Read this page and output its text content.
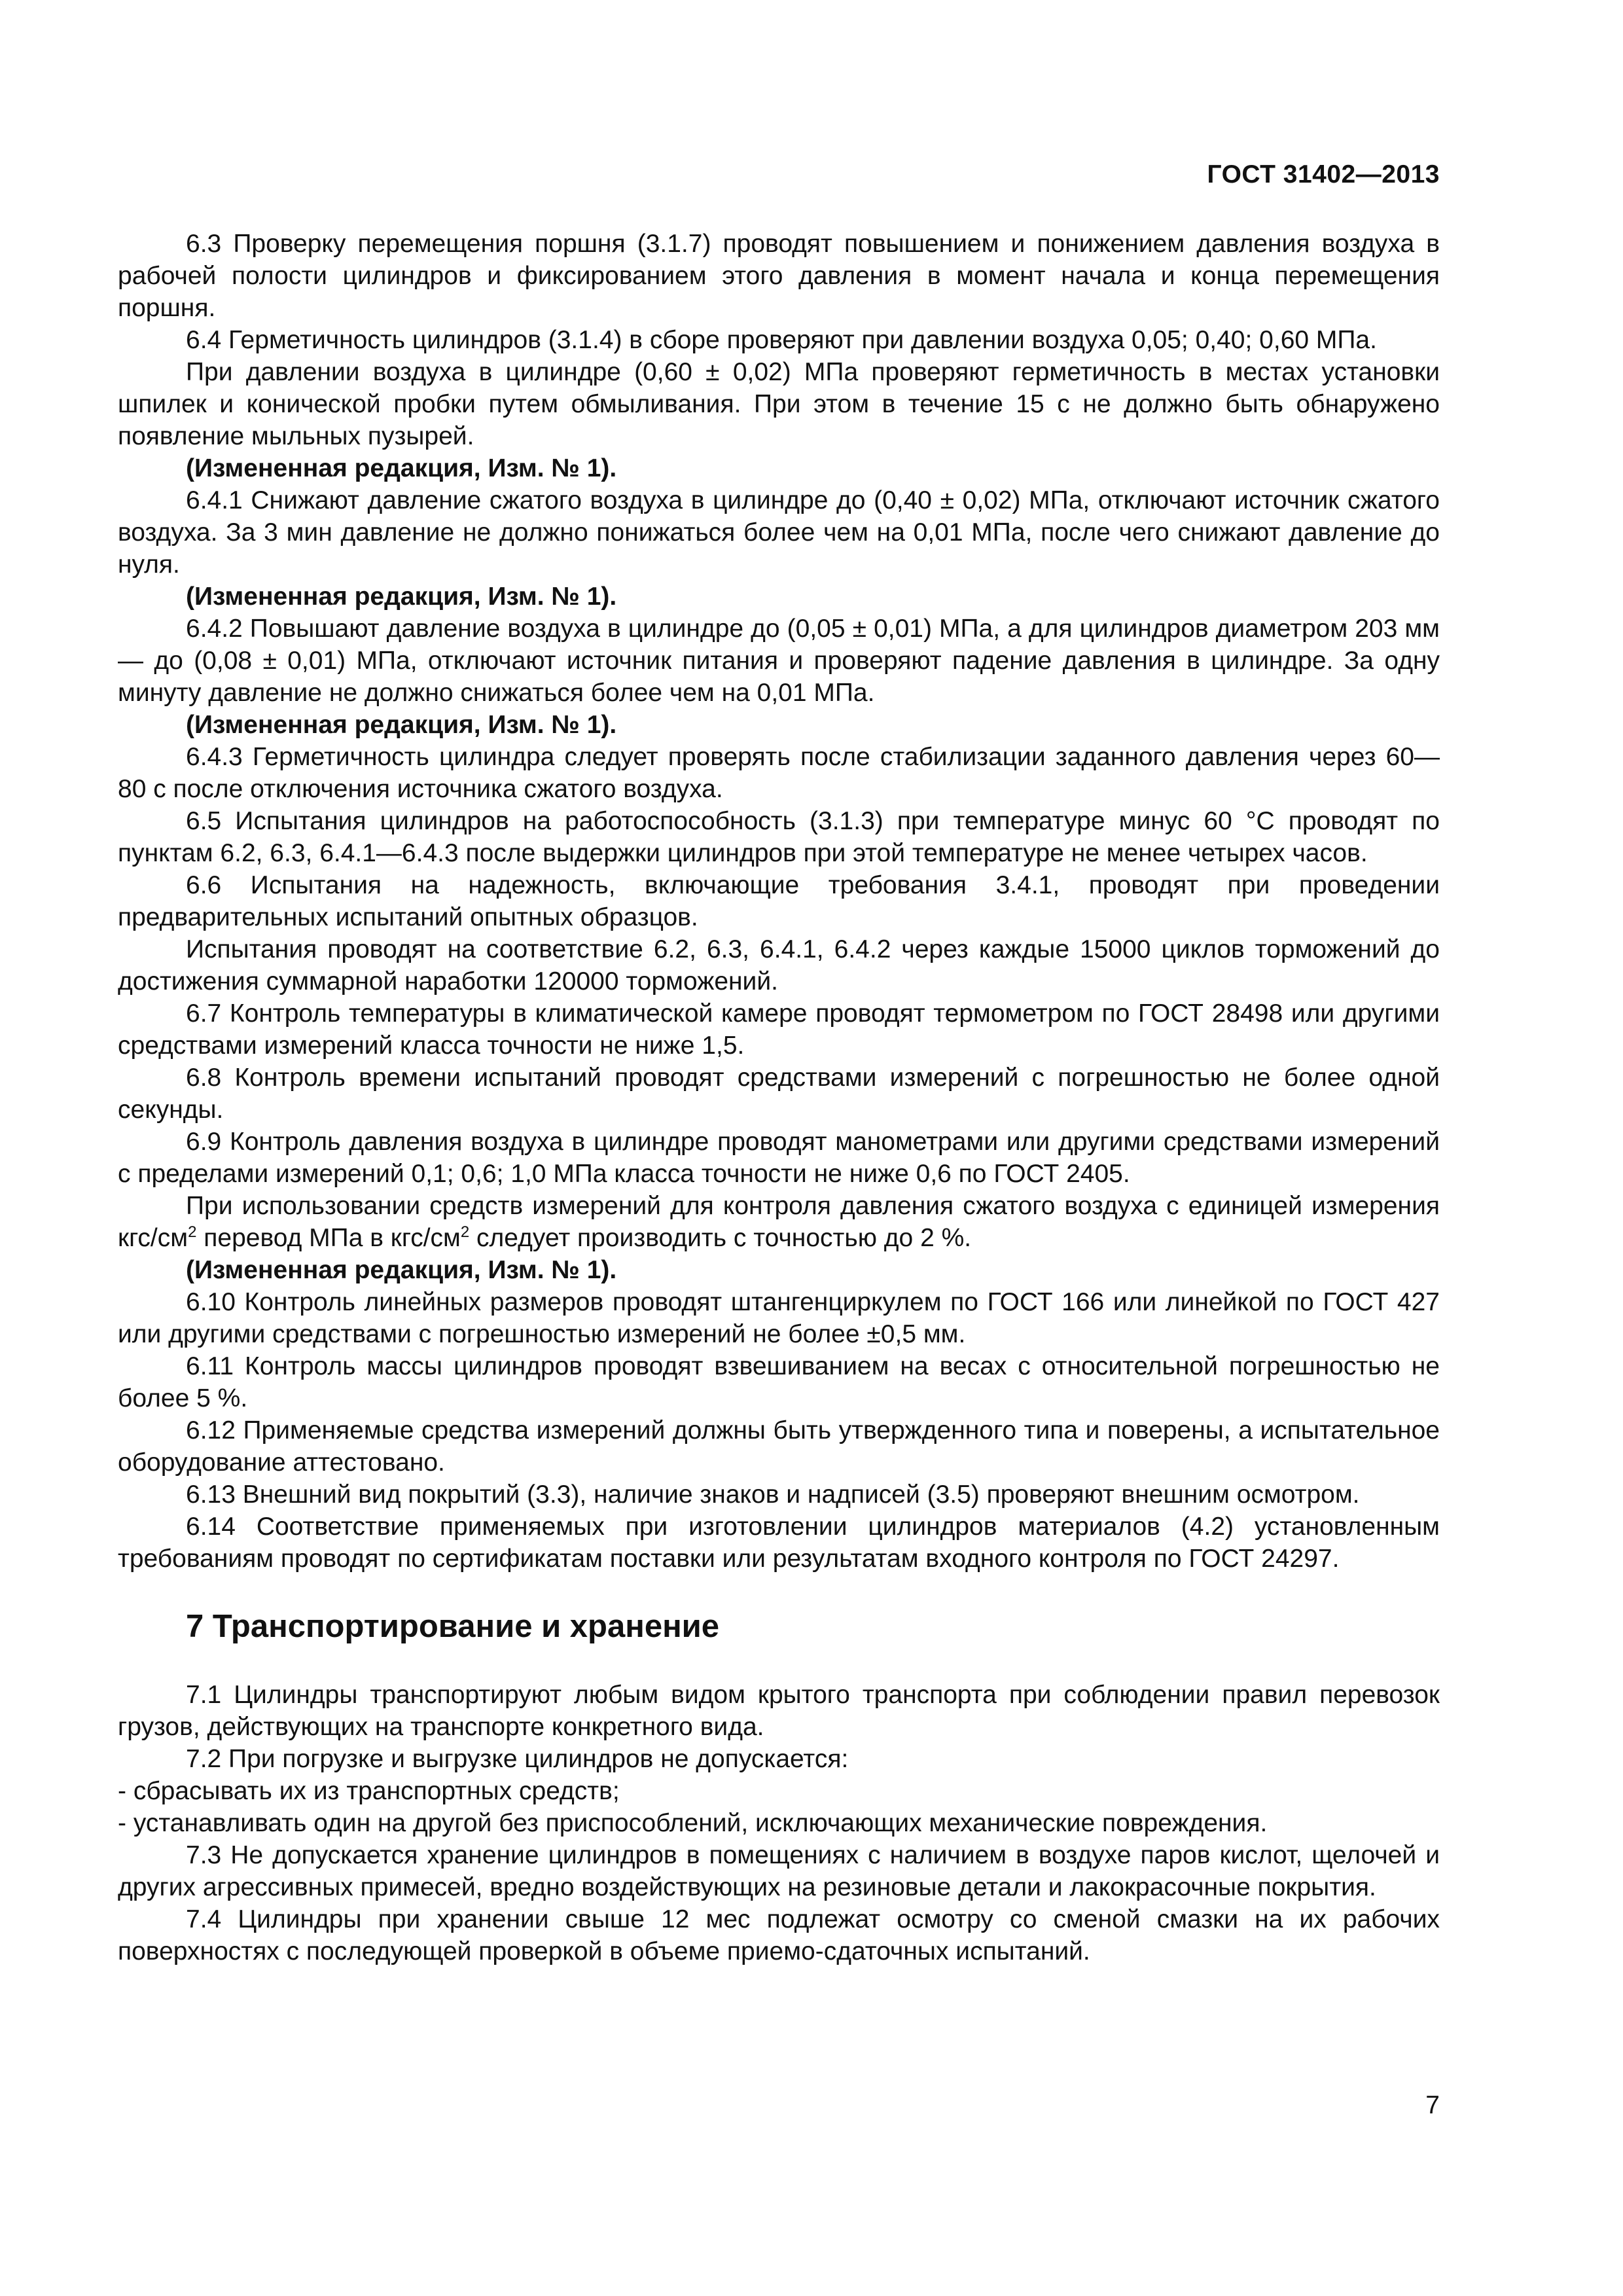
ГОСТ 31402—2013

6.3 Проверку перемещения поршня (3.1.7) проводят повышением и понижением давления воздуха в рабочей полости цилиндров и фиксированием этого давления в момент начала и конца перемещения поршня.

6.4 Герметичность цилиндров (3.1.4) в сборе проверяют при давлении воздуха 0,05; 0,40; 0,60 МПа.

При давлении воздуха в цилиндре (0,60 ± 0,02) МПа проверяют герметичность в местах установки шпилек и конической пробки путем обмыливания. При этом в течение 15 с не должно быть обнаружено появление мыльных пузырей.

(Измененная редакция, Изм. № 1).

6.4.1 Снижают давление сжатого воздуха в цилиндре до (0,40 ± 0,02) МПа, отключают источник сжатого воздуха. За 3 мин давление не должно понижаться более чем на 0,01 МПа, после чего снижают давление до нуля.

(Измененная редакция, Изм. № 1).

6.4.2 Повышают давление воздуха в цилиндре до (0,05 ± 0,01) МПа, а для цилиндров диаметром 203 мм — до (0,08 ± 0,01) МПа, отключают источник питания и проверяют падение давления в цилиндре. За одну минуту давление не должно снижаться более чем на 0,01 МПа.

(Измененная редакция, Изм. № 1).

6.4.3 Герметичность цилиндра следует проверять после стабилизации заданного давления через 60—80 с после отключения источника сжатого воздуха.

6.5 Испытания цилиндров на работоспособность (3.1.3) при температуре минус 60 °С проводят по пунктам 6.2, 6.3, 6.4.1—6.4.3 после выдержки цилиндров при этой температуре не менее четырех часов.

6.6 Испытания на надежность, включающие требования 3.4.1, проводят при проведении предварительных испытаний опытных образцов.

Испытания проводят на соответствие 6.2, 6.3, 6.4.1, 6.4.2 через каждые 15000 циклов торможений до достижения суммарной наработки 120000 торможений.

6.7 Контроль температуры в климатической камере проводят термометром по ГОСТ 28498 или другими средствами измерений класса точности не ниже 1,5.

6.8 Контроль времени испытаний проводят средствами измерений с погрешностью не более одной секунды.

6.9 Контроль давления воздуха в цилиндре проводят манометрами или другими средствами измерений с пределами измерений 0,1; 0,6; 1,0 МПа класса точности не ниже 0,6 по ГОСТ 2405.

При использовании средств измерений для контроля давления сжатого воздуха с единицей измерения кгс/$см^2$ перевод МПа в кгс/$см^2$ следует производить с точностью до 2 %.

(Измененная редакция, Изм. № 1).

6.10 Контроль линейных размеров проводят штангенциркулем по ГОСТ 166 или линейкой по ГОСТ 427 или другими средствами с погрешностью измерений не более ±0,5 мм.

6.11 Контроль массы цилиндров проводят взвешиванием на весах с относительной погрешностью не более 5 %.

6.12 Применяемые средства измерений должны быть утвержденного типа и поверены, а испытательное оборудование аттестовано.

6.13 Внешний вид покрытий (3.3), наличие знаков и надписей (3.5) проверяют внешним осмотром.

6.14 Соответствие применяемых при изготовлении цилиндров материалов (4.2) установленным требованиям проводят по сертификатам поставки или результатам входного контроля по ГОСТ 24297.

7 Транспортирование и хранение

7.1 Цилиндры транспортируют любым видом крытого транспорта при соблюдении правил перевозок грузов, действующих на транспорте конкретного вида.

7.2 При погрузке и выгрузке цилиндров не допускается:

- сбрасывать их из транспортных средств;

- устанавливать один на другой без приспособлений, исключающих механические повреждения.

7.3 Не допускается хранение цилиндров в помещениях с наличием в воздухе паров кислот, щелочей и других агрессивных примесей, вредно воздействующих на резиновые детали и лакокрасочные покрытия.

7.4 Цилиндры при хранении свыше 12 мес подлежат осмотру со сменой смазки на их рабочих поверхностях с последующей проверкой в объеме приемо-сдаточных испытаний.

7
